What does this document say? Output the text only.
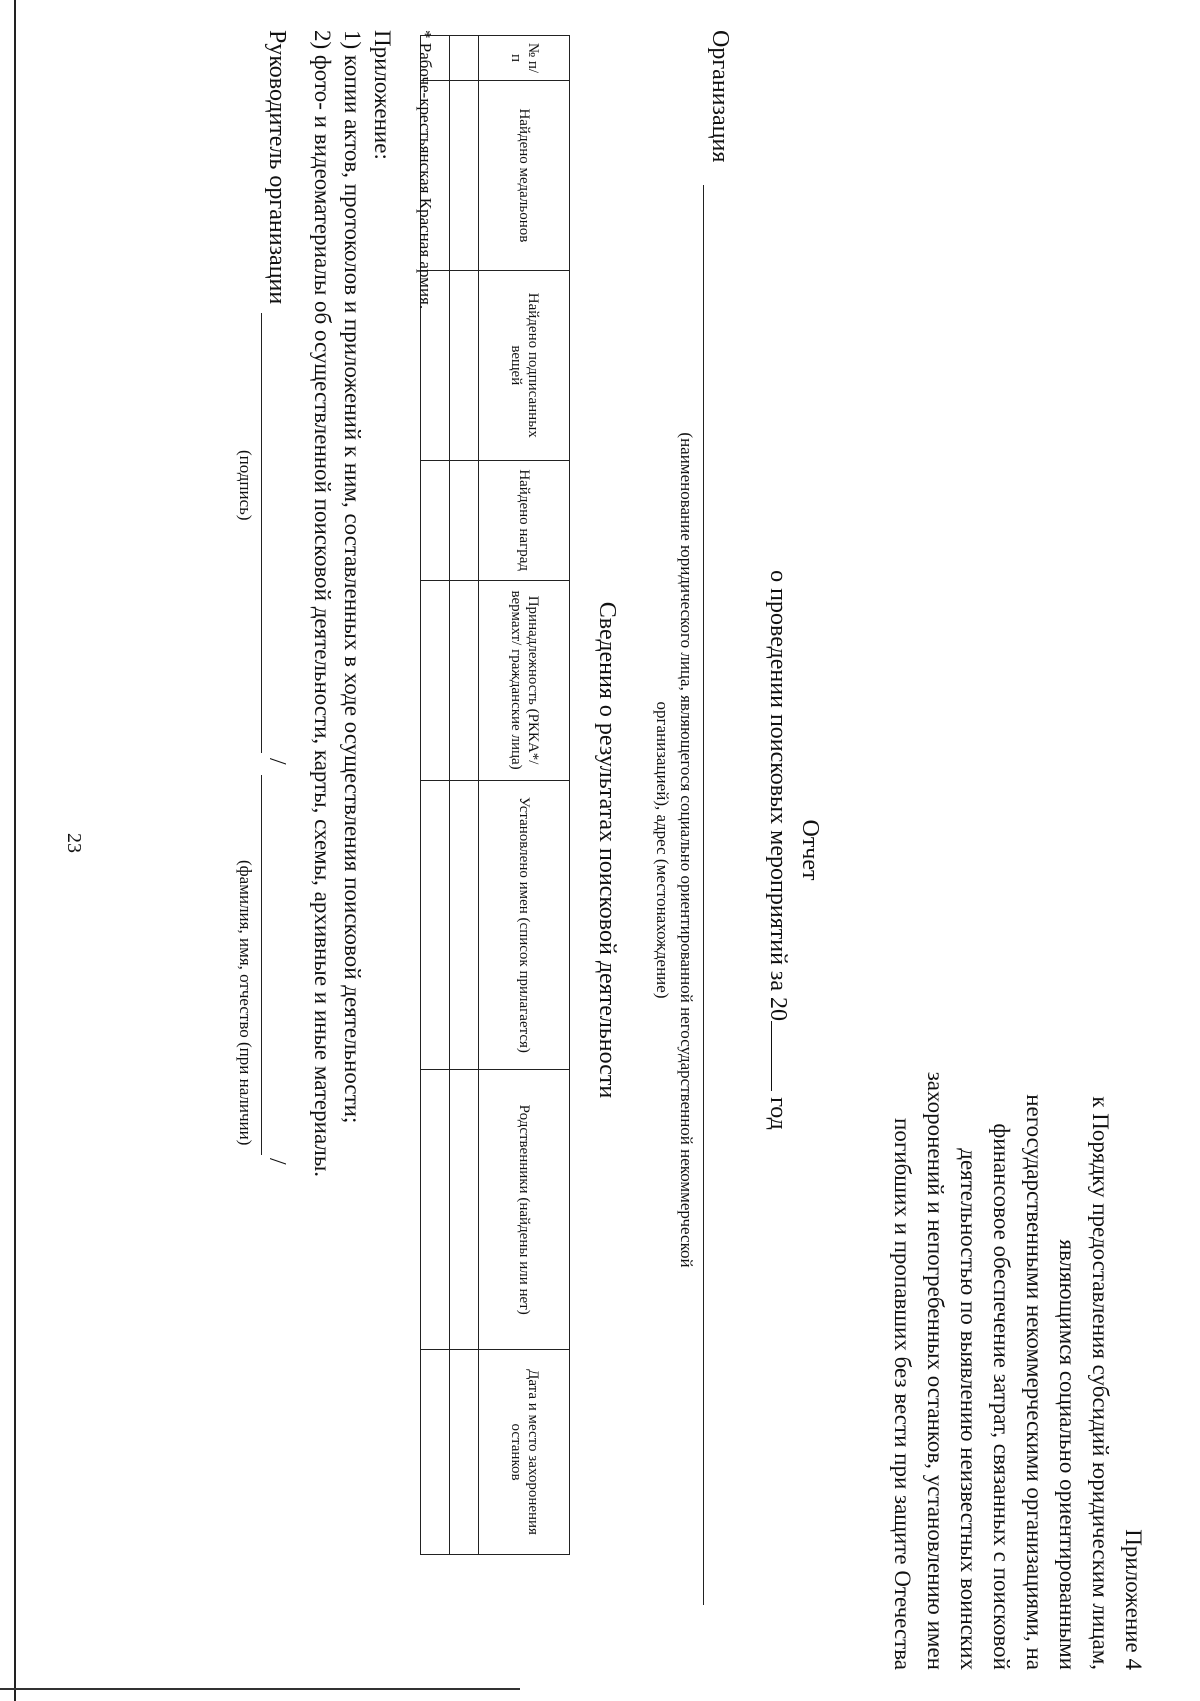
23
Приложение 4
к Порядку предоставления субсидий юридическим лицам,
являющимся социально ориентированными
негосударственными некоммерческими организациями, на
финансовое обеспечение затрат, связанных с поисковой
деятельностью по выявлению неизвестных воинских
захоронений и непогребенных останков, установлению имен
погибших и пропавших без вести при защите Отечества
Отчет
о проведении поисковых мероприятий за 20 год
Организация
(наименование юридического лица, являющегося социально ориентированной негосударственной некоммерческой
организацией), адрес (местонахождение)
Сведения о результатах поисковой деятельности
№ п/п	Найдено медальонов	Найдено подписанных вещей	Найдено наград	Принадлежность (РККА*/вермахт/ гражданские лица)	Установлено имен (список прилагается)	Родственники (найдены или нет)	Дата и место захоронения останков

* Рабоче-крестьянская Красная армия.
Приложение:
1) копии актов, протоколов и приложений к ним, составленных в ходе осуществления поисковой деятельности;
2) фото- и видеоматериалы об осуществленной поисковой деятельности, карты, схемы, архивные и иные материалы.
Руководитель организации
/
/
(подпись)
(фамилия, имя, отчество (при наличии)
